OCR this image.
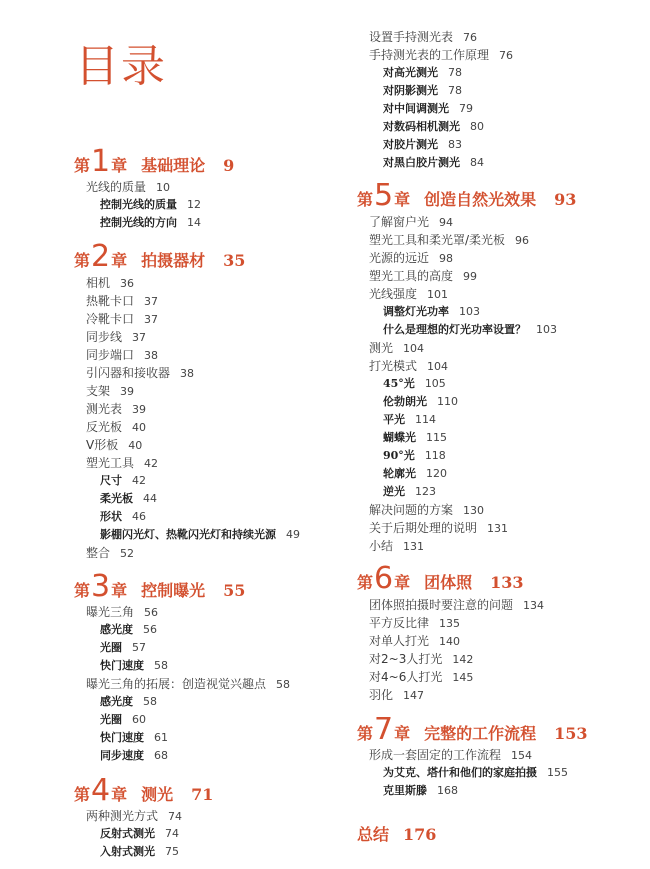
目录
第1章 基础理论 9
光线的质量 10
控制光线的质量 12
控制光线的方向 14
第2章 拍摄器材 35
相机 36
热靴卡口 37
冷靴卡口 37
同步线 37
同步端口 38
引闪器和接收器 38
支架 39
测光表 39
反光板 40
V形板 40
塑光工具 42
尺寸 42
柔光板 44
形状 46
影棚闪光灯、热靴闪光灯和持续光源 49
整合 52
第3章 控制曝光 55
曝光三角 56
感光度 56
光圈 57
快门速度 58
曝光三角的拓展：创造视觉兴趣点 58
感光度 58
光圈 60
快门速度 61
同步速度 68
第4章 测光 71
两种测光方式 74
反射式测光 74
入射式测光 75
设置手持测光表 76
手持测光表的工作原理 76
对高光测光 78
对阴影测光 78
对中间调测光 79
对数码相机测光 80
对胶片测光 83
对黑白胶片测光 84
第5章 创造自然光效果 93
了解窗户光 94
塑光工具和柔光罩/柔光板 96
光源的远近 98
塑光工具的高度 99
光线强度 101
调整灯光功率 103
什么是理想的灯光功率设置？ 103
测光 104
打光模式 104
45°光 105
伦勃朗光 110
平光 114
蝴蝶光 115
90°光 118
轮廓光 120
逆光 123
解决问题的方案 130
关于后期处理的说明 131
小结 131
第6章 团体照 133
团体照拍摄时要注意的问题 134
平方反比律 135
对单人打光 140
对2~3人打光 142
对4~6人打光 145
羽化 147
第7章 完整的工作流程 153
形成一套固定的工作流程 154
为艾克、塔什和他们的家庭拍摄 155
克里斯滕 168
总结 176
